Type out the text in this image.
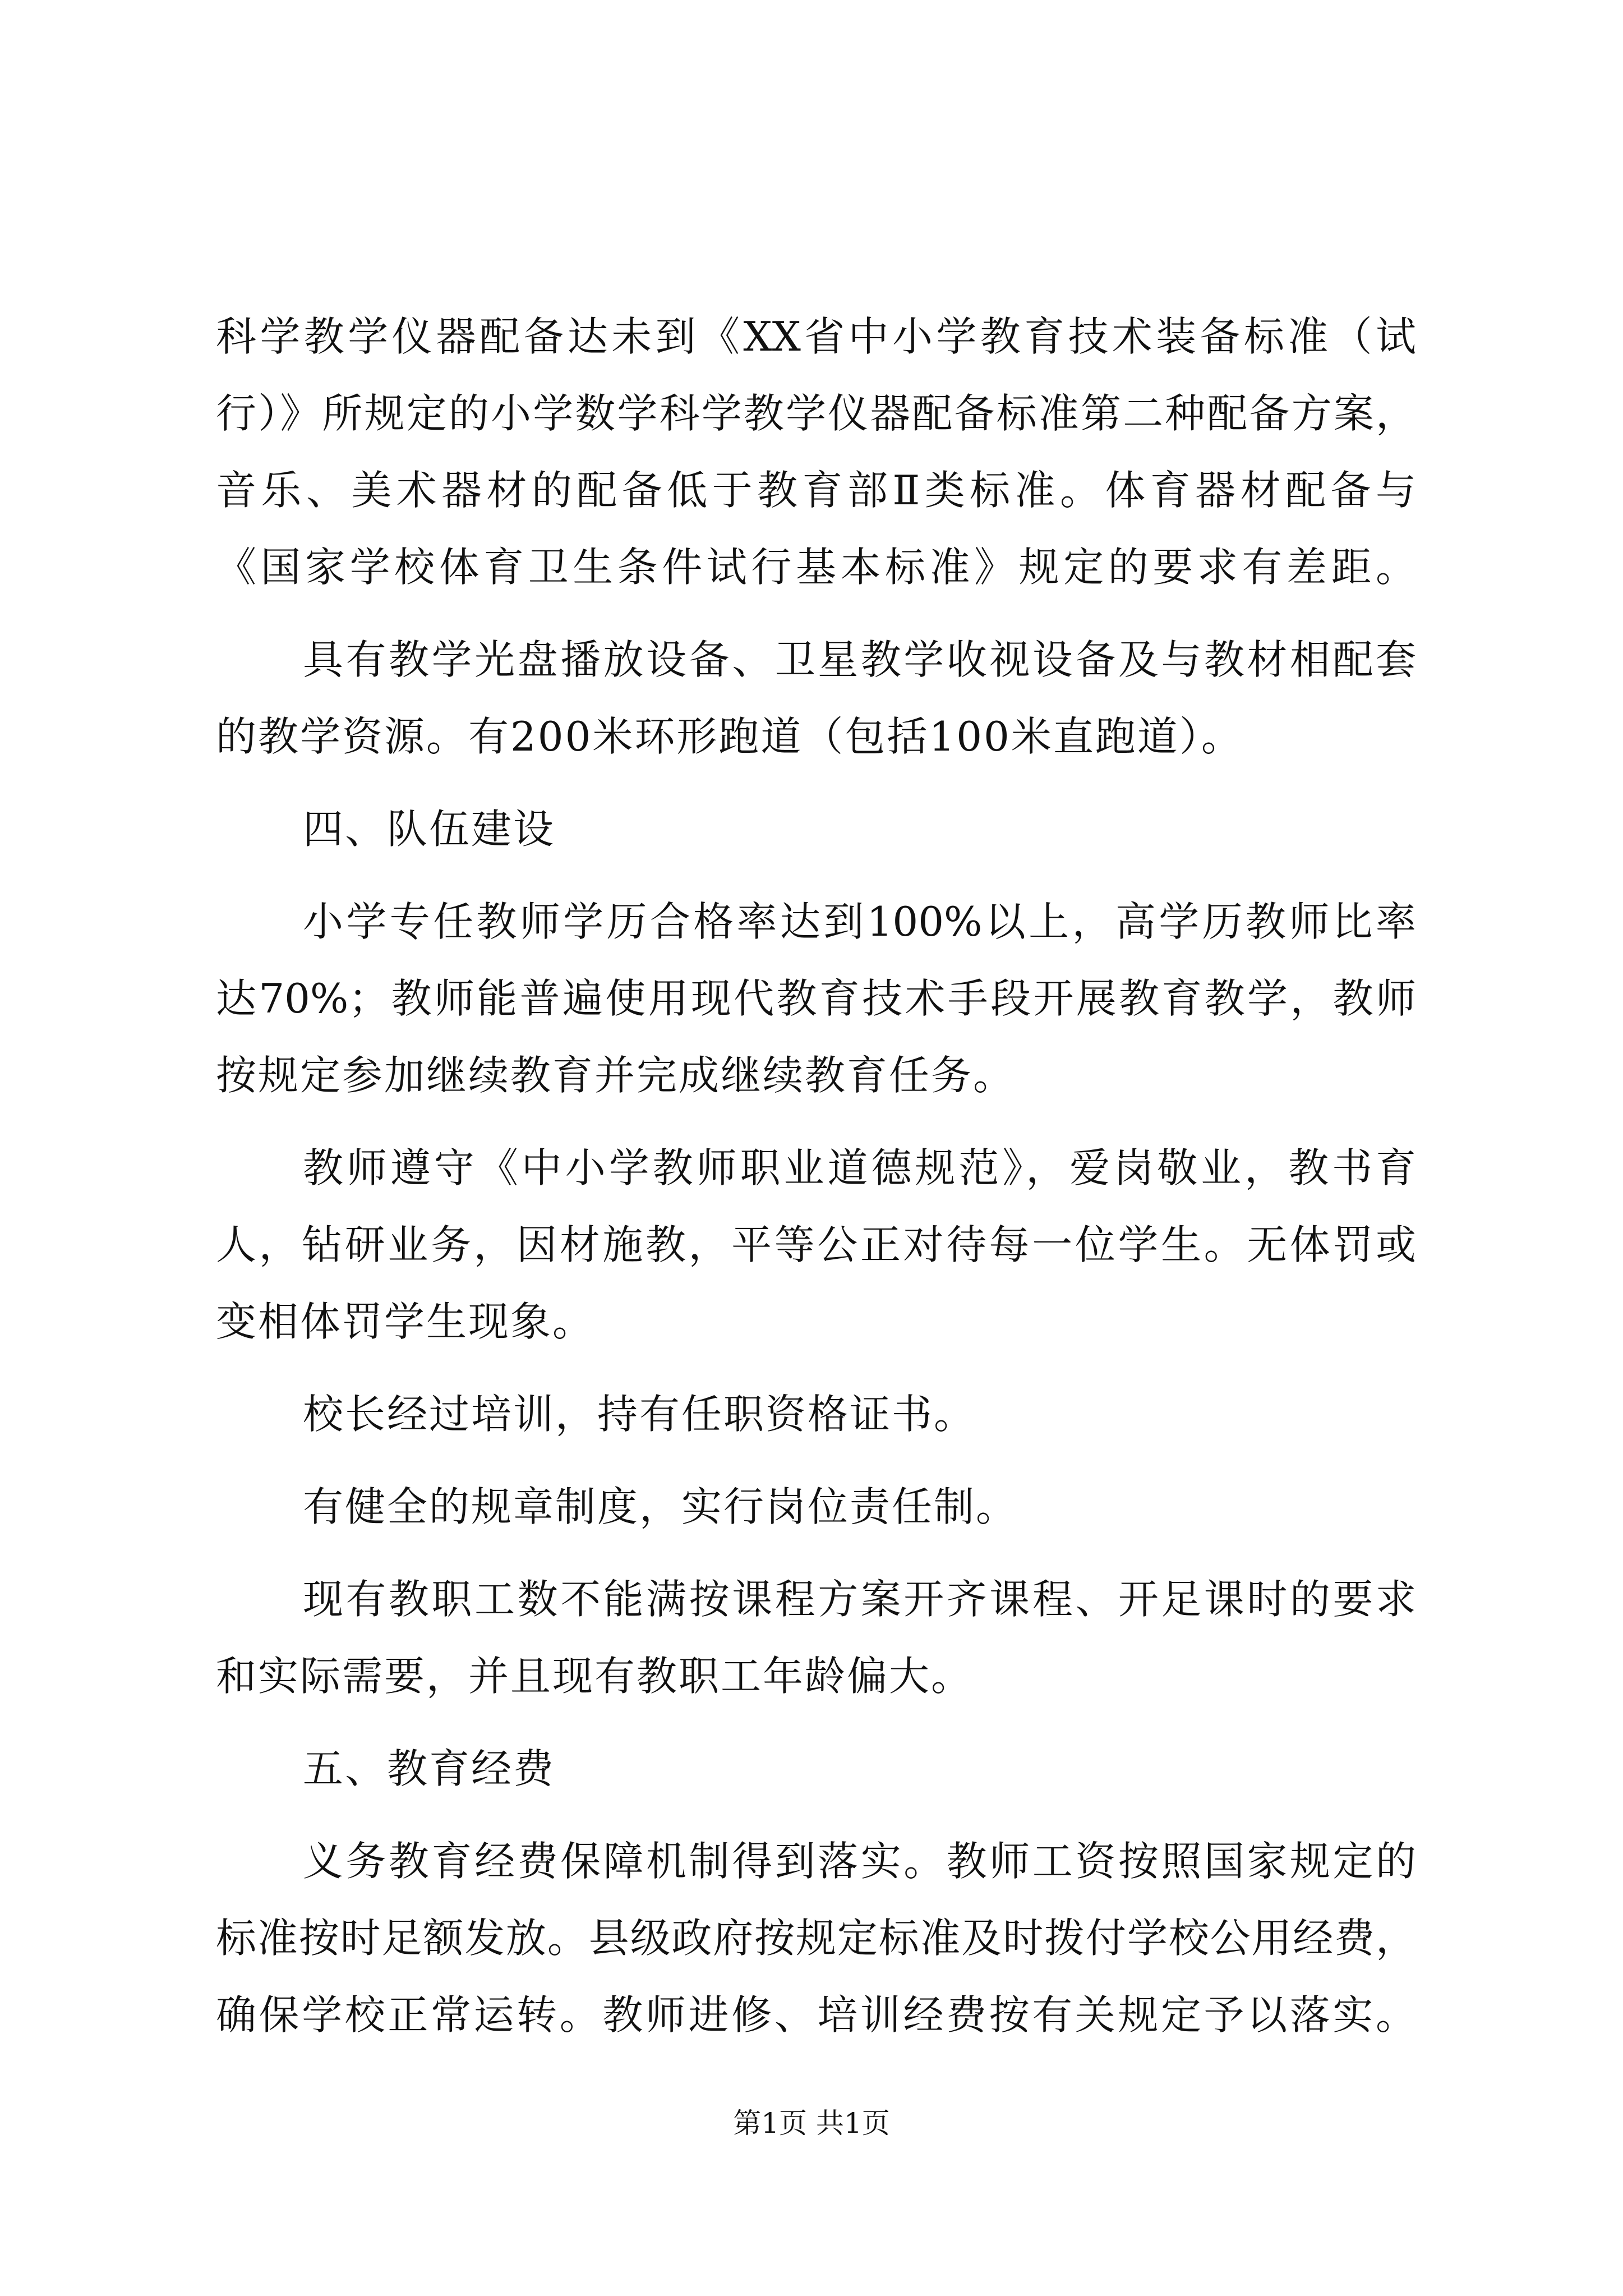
科学教学仪器配备达未到《XX省中小学教育技术装备标准（试
行）》所规定的小学数学科学教学仪器配备标准第二种配备方案，
音乐、美术器材的配备低于教育部Ⅱ类标准。体育器材配备与
《国家学校体育卫生条件试行基本标准》规定的要求有差距。
具有教学光盘播放设备、卫星教学收视设备及与教材相配套
的教学资源。有200米环形跑道（包括100米直跑道）。
四、队伍建设
小学专任教师学历合格率达到100%以上，高学历教师比率
达70%；教师能普遍使用现代教育技术手段开展教育教学，教师
按规定参加继续教育并完成继续教育任务。
教师遵守《中小学教师职业道德规范》，爱岗敬业，教书育
人，钻研业务，因材施教，平等公正对待每一位学生。无体罚或
变相体罚学生现象。
校长经过培训，持有任职资格证书。
有健全的规章制度，实行岗位责任制。
现有教职工数不能满按课程方案开齐课程、开足课时的要求
和实际需要，并且现有教职工年龄偏大。
五、教育经费
义务教育经费保障机制得到落实。教师工资按照国家规定的
标准按时足额发放。县级政府按规定标准及时拨付学校公用经费，
确保学校正常运转。教师进修、培训经费按有关规定予以落实。
第1页 共1页
